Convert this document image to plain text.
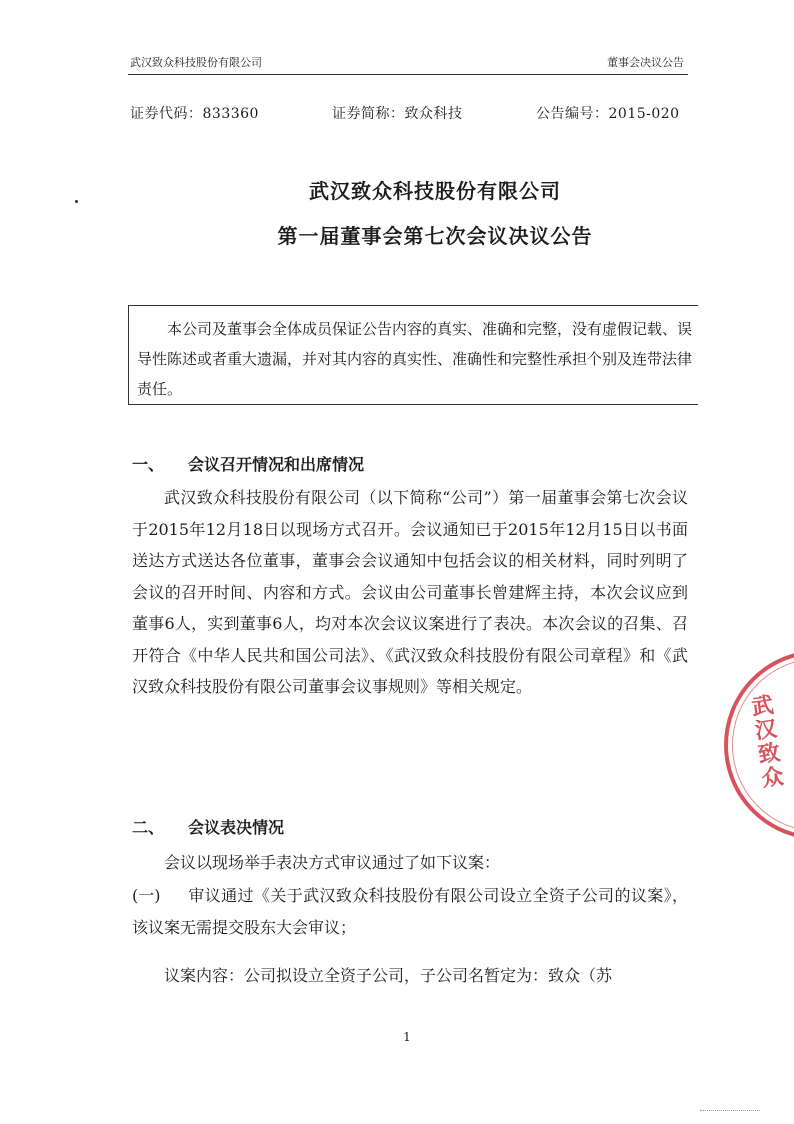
武汉致众科技股份有限公司	董事会决议公告
证券代码：833360	证券简称：致众科技	公告编号：2015-020
武汉致众科技股份有限公司
第一届董事会第七次会议决议公告
本公司及董事会全体成员保证公告内容的真实、准确和完整，没有虚假记载、误导性陈述或者重大遗漏，并对其内容的真实性、准确性和完整性承担个别及连带法律责任。
一、 会议召开情况和出席情况
武汉致众科技股份有限公司（以下简称“公司”）第一届董事会第七次会议于2015年12月18日以现场方式召开。会议通知已于2015年12月15日以书面送达方式送达各位董事，董事会会议通知中包括会议的相关材料，同时列明了会议的召开时间、内容和方式。会议由公司董事长曾建辉主持，本次会议应到董事6人，实到董事6人，均对本次会议议案进行了表决。本次会议的召集、召开符合《中华人民共和国公司法》、《武汉致众科技股份有限公司章程》和《武汉致众科技股份有限公司董事会议事规则》等相关规定。
二、 会议表决情况
会议以现场举手表决方式审议通过了如下议案：
(一) 审议通过《关于武汉致众科技股份有限公司设立全资子公司的议案》，该议案无需提交股东大会审议；
议案内容：公司拟设立全资子公司，子公司名暂定为：致众（苏
武汉致众
1
